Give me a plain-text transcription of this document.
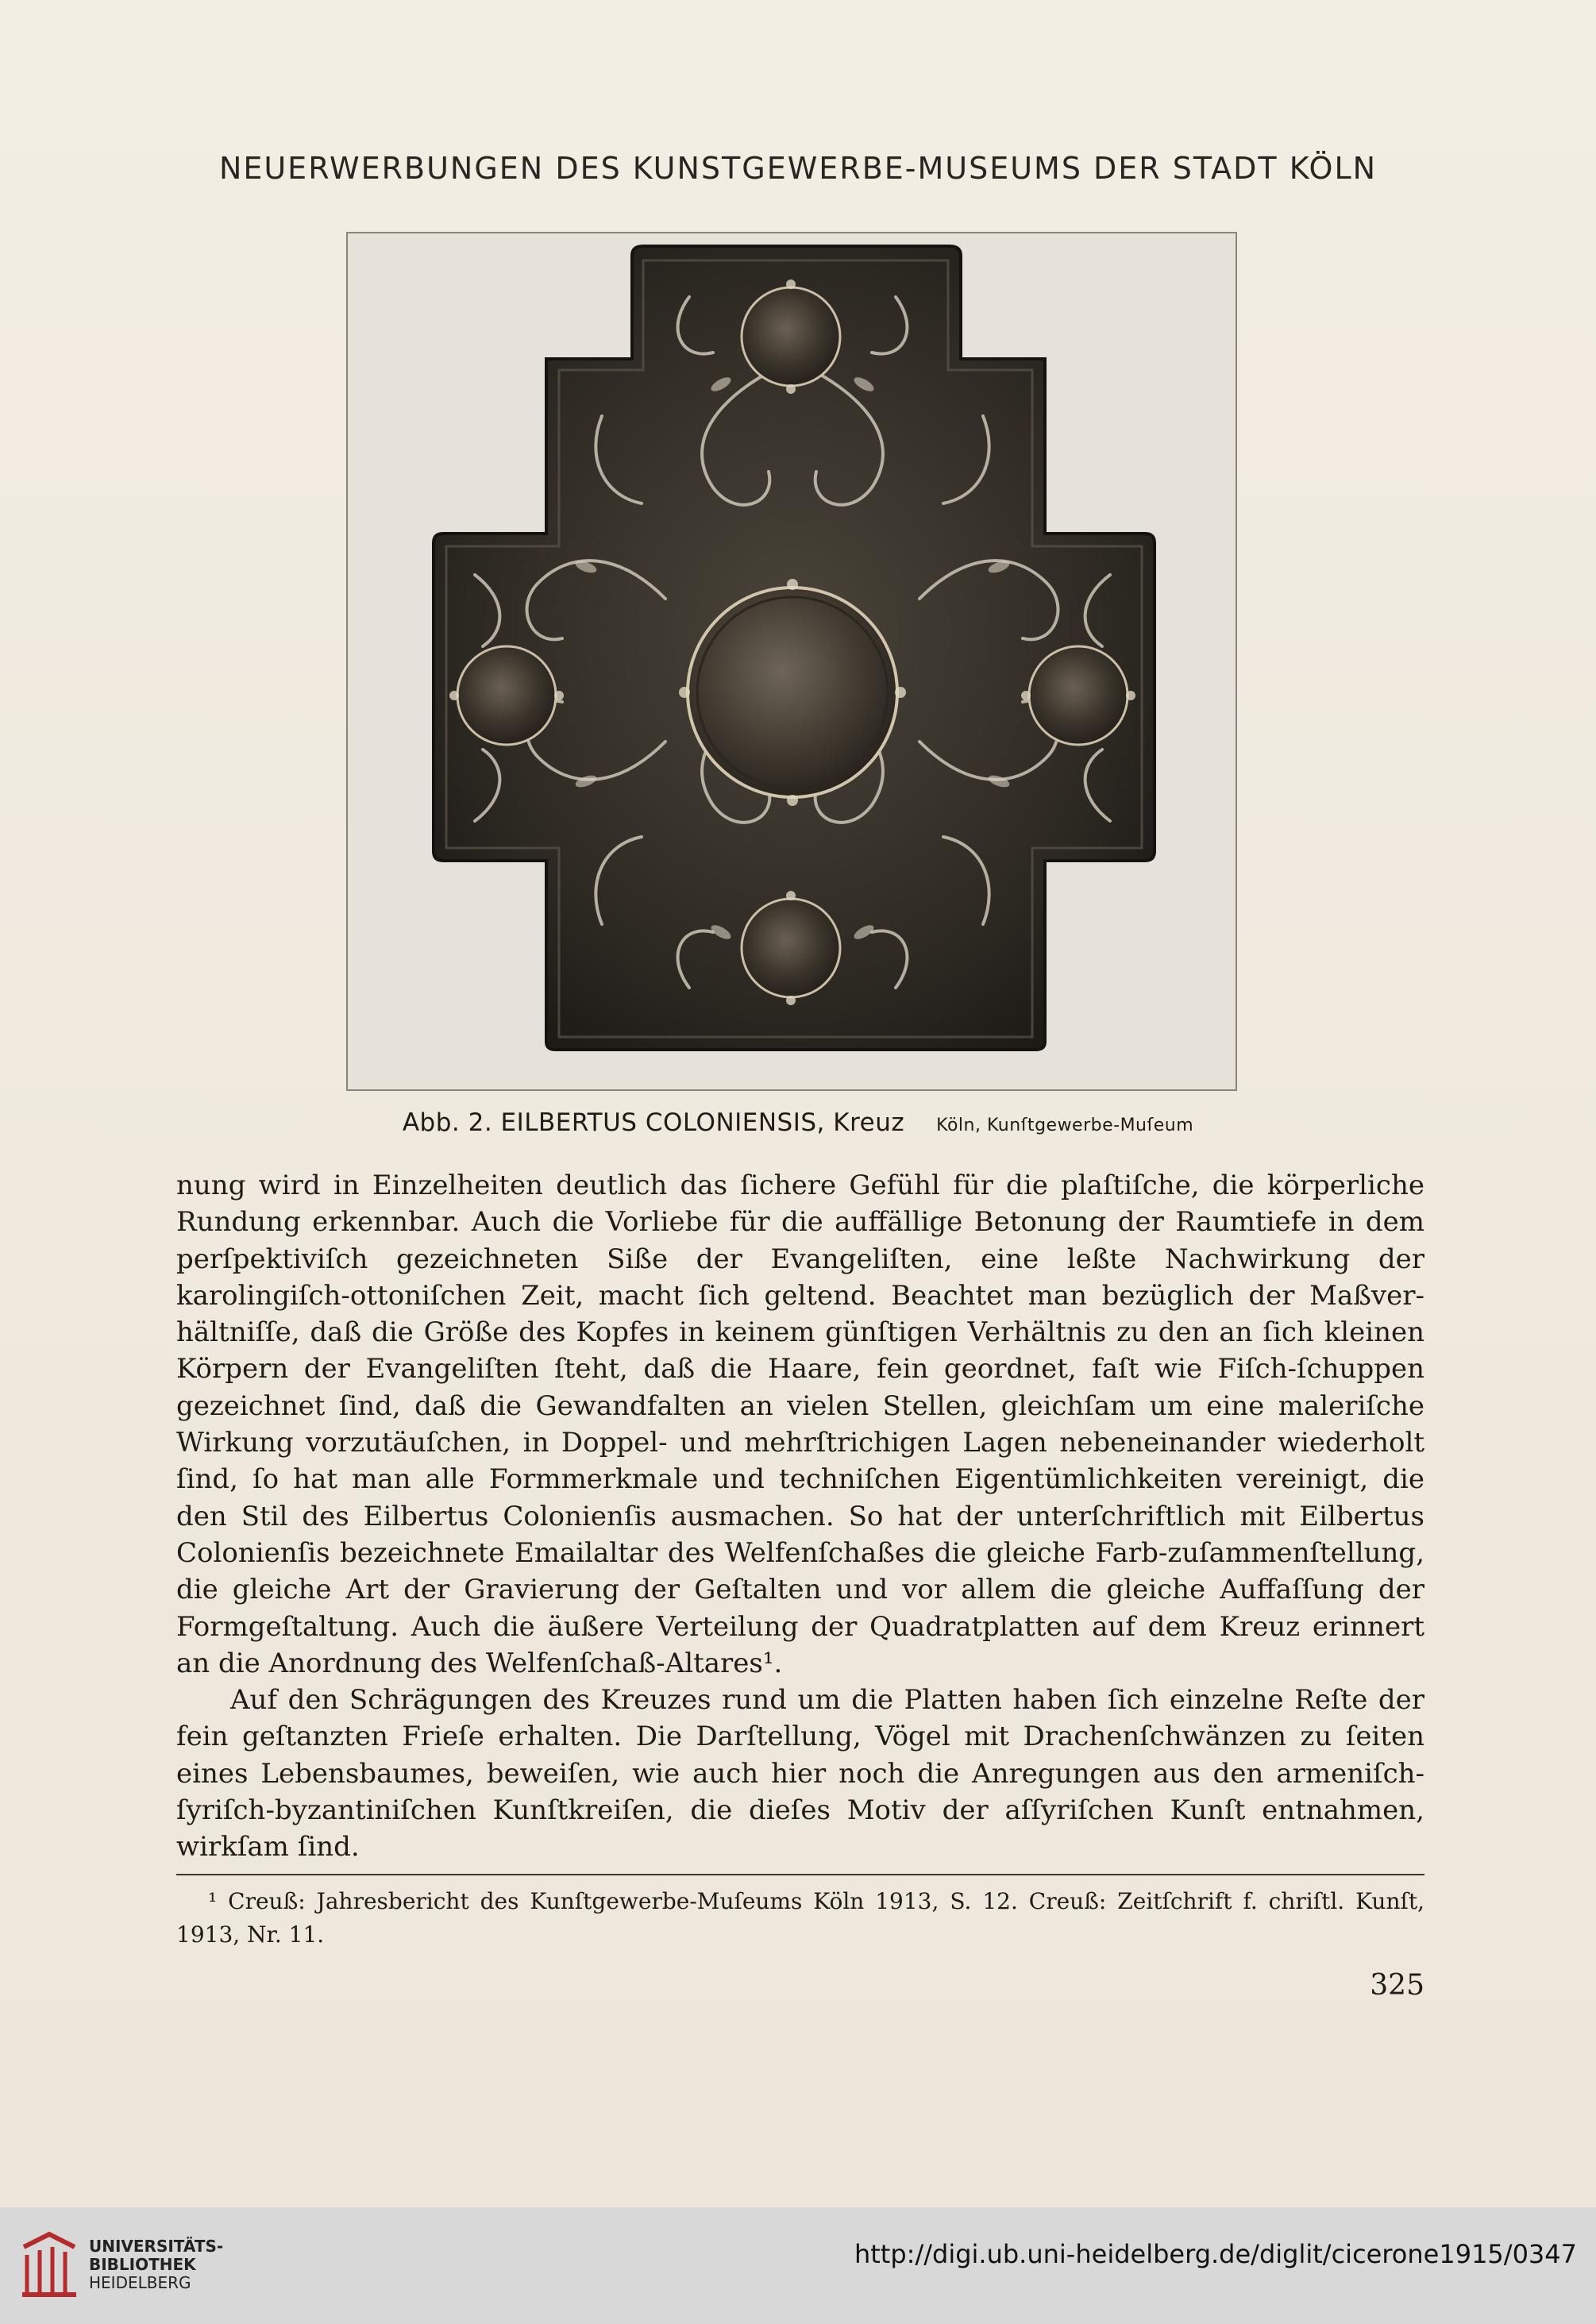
NEUERWERBUNGEN DES KUNSTGEWERBE-MUSEUMS DER STADT KÖLN
Abb. 2. EILBERTUS COLONIENSIS, Kreuz Köln, Kunſtgewerbe-Muſeum

nung wird in Einzelheiten deutlich das ſichere Gefühl für die plaſtiſche, die körperliche Rundung erkennbar. Auch die Vorliebe für die auffällige Betonung der Raumtiefe in dem perſpektiviſch gezeichneten Siße der Evangeliſten, eine leßte Nachwirkung der karolingiſch-ottoniſchen Zeit, macht ſich geltend. Beachtet man bezüglich der Maßver-hältniſſe, daß die Größe des Kopfes in keinem günſtigen Verhältnis zu den an ſich kleinen Körpern der Evangeliſten ſteht, daß die Haare, fein geordnet, faſt wie Fiſch-ſchuppen gezeichnet ſind, daß die Gewandfalten an vielen Stellen, gleichſam um eine maleriſche Wirkung vorzutäuſchen, in Doppel- und mehrſtrichigen Lagen nebeneinander wiederholt ſind, ſo hat man alle Formmerkmale und techniſchen Eigentümlichkeiten vereinigt, die den Stil des Eilbertus Colonienſis ausmachen. So hat der unterſchriftlich mit Eilbertus Colonienſis bezeichnete Emailaltar des Welfenſchaßes die gleiche Farb-zuſammenſtellung, die gleiche Art der Gravierung der Geſtalten und vor allem die gleiche Auffaſſung der Formgeſtaltung. Auch die äußere Verteilung der Quadratplatten auf dem Kreuz erinnert an die Anordnung des Welfenſchaß-Altares¹.

Auf den Schrägungen des Kreuzes rund um die Platten haben ſich einzelne Reſte der fein geſtanzten Frieſe erhalten. Die Darſtellung, Vögel mit Drachenſchwänzen zu ſeiten eines Lebensbaumes, beweiſen, wie auch hier noch die Anregungen aus den armeniſch-ſyriſch-byzantiniſchen Kunſtkreiſen, die dieſes Motiv der aſſyriſchen Kunſt entnahmen, wirkſam ſind.

¹ Creuß: Jahresbericht des Kunſtgewerbe-Muſeums Köln 1913, S. 12. Creuß: Zeitſchrift f. chriſtl. Kunſt, 1913, Nr. 11.

325
UNIVERSITÄTS-
BIBLIOTHEK
HEIDELBERG
http://digi.ub.uni-heidelberg.de/diglit/cicerone1915/0347
